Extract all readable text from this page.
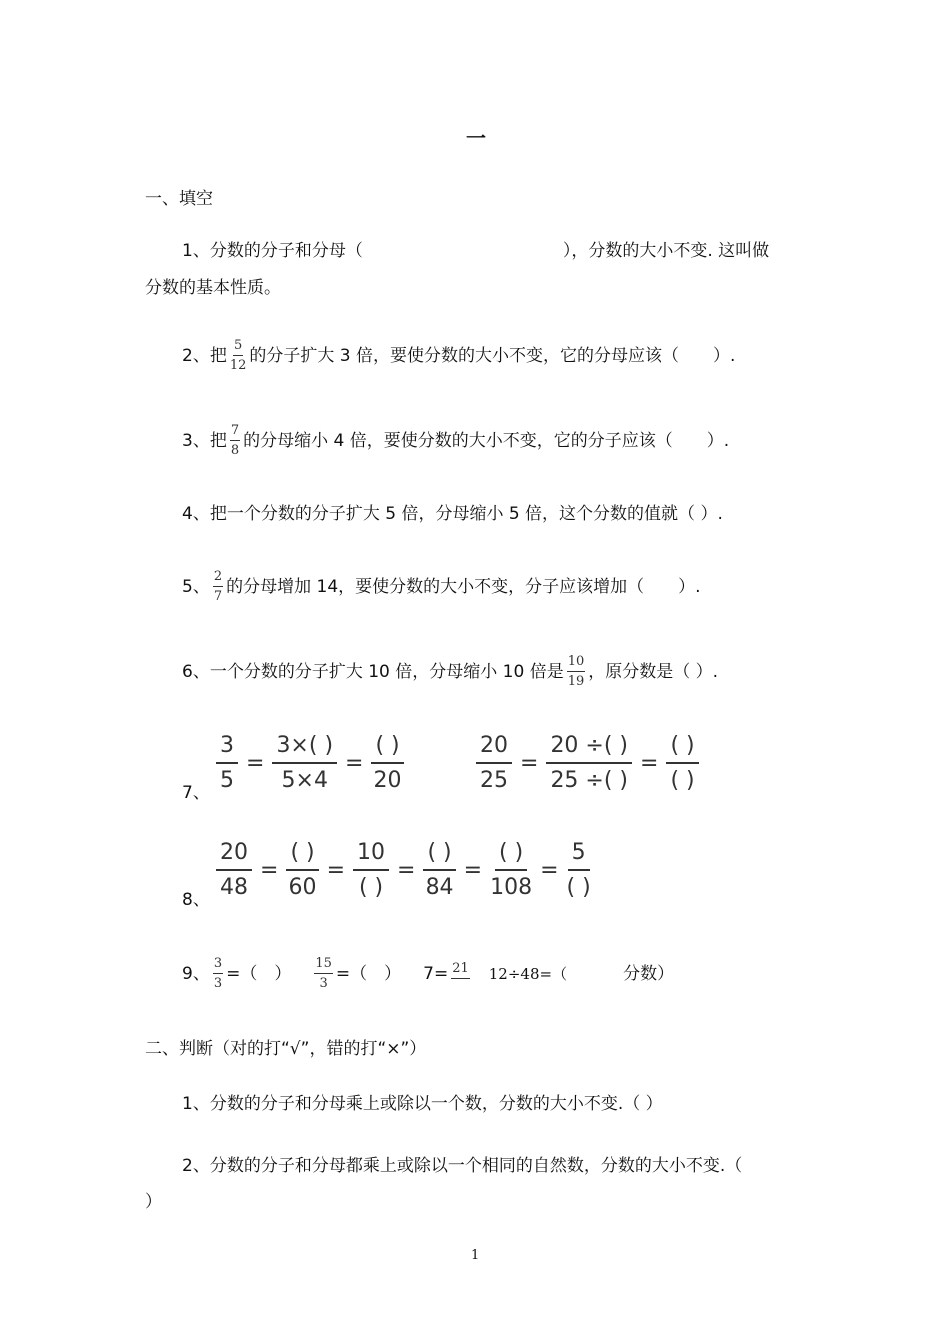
一
一、填空
1、分数的分子和分母（	），分数的大小不变. 这叫做
分数的基本性质。
2、把 $\frac{5}{12}$ 的分子扩大 3 倍，要使分数的大小不变，它的分母应该（　　）.
3、把 $\frac{7}{8}$ 的分母缩小 4 倍，要使分数的大小不变，它的分子应该（　　）.
4、把一个分数的分子扩大 5 倍，分母缩小 5 倍，这个分数的值就（ ）.
5、 $\frac{2}{7}$ 的分母增加 14，要使分数的大小不变，分子应该增加（　　）.
6、一个分数的分子扩大 10 倍，分母缩小 10 倍是 $\frac{10}{19}$ ，原分数是（ ）.
7、 $\frac{3}{5} = \frac{3\times( )}{5\times 4}$ =
( )
20	$\frac{20}{25} = \frac{20 \div( )}{25 \div( )}$ =
( )
( )
8、 $\frac{20}{48}$ =
( )
60
=
10
( )
=
( )
84
=
( )
108
=
5
( )
9、 $\frac{3}{3}$ =（　） $\frac{15}{3}$ =（　） 7= 21 12÷48=（	分数）
二、判断（对的打“√”，错的打“×”）
1、分数的分子和分母乘上或除以一个数，分数的大小不变.（ ）
2、分数的分子和分母都乘上或除以一个相同的自然数，分数的大小不变.（
）
1
